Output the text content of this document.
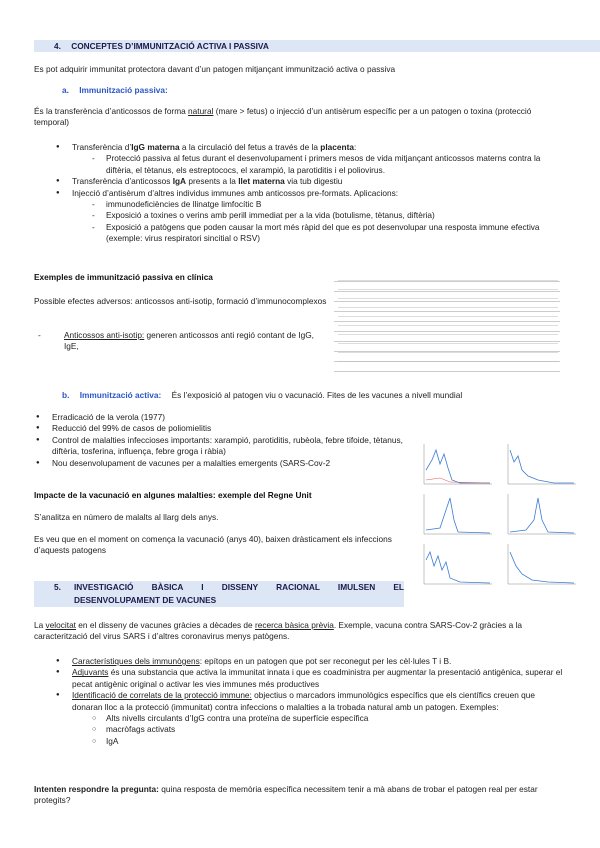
4. CONCEPTES D’IMMUNITZACIÓ ACTIVA I PASSIVA
Es pot adquirir immunitat protectora davant d’un patogen mitjançant immunització activa o passiva
a. Immunització passiva:
És la transferència d’anticossos de forma natural (mare > fetus) o injecció d’un antisèrum específic per a un patogen o toxina (protecció temporal)
● Transferència d’IgG materna a la circulació del fetus a través de la placenta:
- Protecció passiva al fetus durant el desenvolupament i primers mesos de vida mitjançant anticossos materns contra la diftèria, el tètanus, els estreptococs, el xarampió, la parotiditis i el poliovirus.
● Transferència d’anticossos IgA presents a la llet materna via tub digestiu
● Injecció d’antisèrum d’altres individus immunes amb anticossos pre-formats. Aplicacions:
- immunodeficiències de llinatge limfocític B
- Exposició a toxines o verins amb perill immediat per a la vida (botulisme, tètanus, diftèria)
- Exposició a patògens que poden causar la mort més ràpid del que es pot desenvolupar una resposta immune efectiva (exemple: virus respiratori sincitial o RSV)
Exemples de immunització passiva en clínica
Possible efectes adversos: anticossos anti-isotip, formació d’immunocomplexos
- Anticossos anti-isotip: generen anticossos anti regió contant de IgG, IgE,

b. Immunització activa: És l’exposició al patogen viu o vacunació. Fites de les vacunes a nivell mundial
● Erradicació de la verola (1977)
● Reducció del 99% de casos de poliomielitis
● Control de malalties infeccioses importants: xarampió, parotiditis, rubèola, febre tifoide, tètanus, diftèria, tosferina, influença, febre groga i ràbia)
● Nou desenvolupament de vacunes per a malalties emergents (SARS-Cov-2
Impacte de la vacunació en algunes malalties: exemple del Regne Unit
S’analitza en número de malalts al llarg dels anys.
Es veu que en el moment on comença la vacunació (anys 40), baixen dràsticament els infeccions d’aquests patogens
5. INVESTIGACIÓ BÀSICA I DISSENY RACIONAL IMULSEN EL
DESENVOLUPAMENT DE VACUNES
La velocitat en el disseny de vacunes gràcies a dècades de recerca bàsica prèvia. Exemple, vacuna contra SARS-Cov-2 gràcies a la caracterització del virus SARS i d’altres coronavirus menys patògens.
● Característiques dels immunògens: epítops en un patogen que pot ser reconegut per les cèl·lules T i B.
● Adjuvants és una substancia que activa la immunitat innata i que es coadministra per augmentar la presentació antigènica, superar el pecat antigènic original o activar les vies immunes més productives
● Identificació de correlats de la protecció immune: objectius o marcadors immunològics específics que els científics creuen que donaran lloc a la protecció (immunitat) contra infeccions o malalties a la trobada natural amb un patogen. Exemples:
○ Alts nivells circulants d’IgG contra una proteïna de superfície específica
○ macròfags activats
○ IgA
Intenten respondre la pregunta: quina resposta de memòria específica necessitem tenir a mà abans de trobar el patogen real per estar protegits?
